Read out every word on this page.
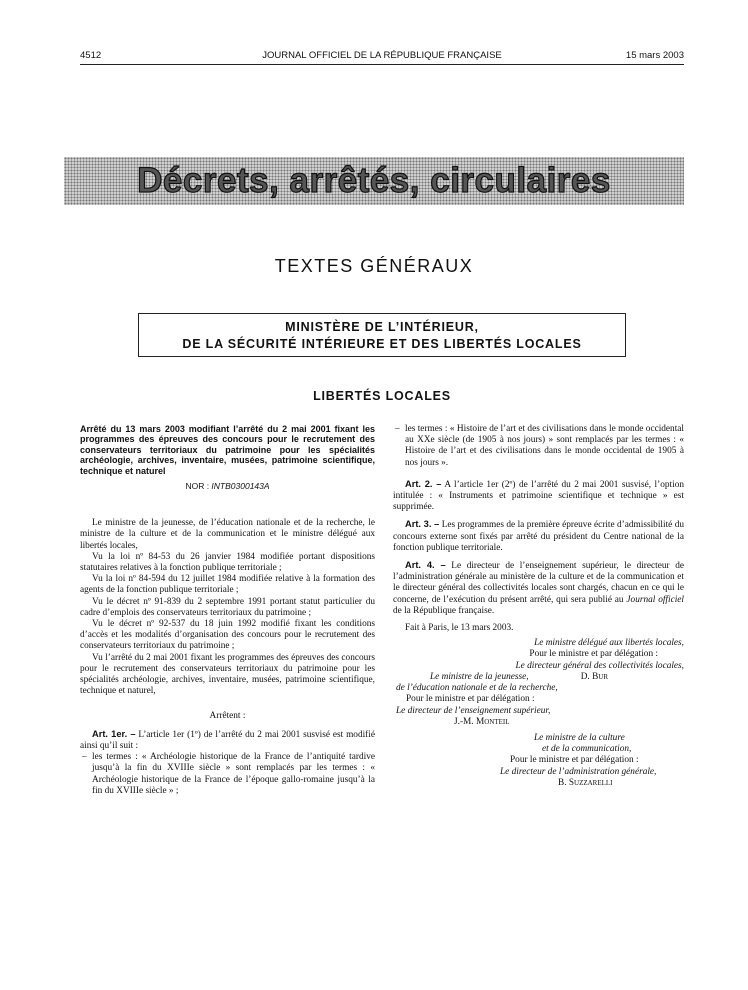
4512	JOURNAL OFFICIEL DE LA RÉPUBLIQUE FRANÇAISE	15 mars 2003
Décrets, arrêtés, circulaires
TEXTES GÉNÉRAUX
MINISTÈRE DE L’INTÉRIEUR,
DE LA SÉCURITÉ INTÉRIEURE ET DES LIBERTÉS LOCALES
LIBERTÉS LOCALES

Arrêté du 13 mars 2003 modifiant l’arrêté du 2 mai 2001 fixant les programmes des épreuves des concours pour le recrutement des conservateurs territoriaux du patrimoine pour les spécialités archéologie, archives, inventaire, musées, patrimoine scientifique, technique et naturel

NOR : INTB0300143A

Le ministre de la jeunesse, de l’éducation nationale et de la recherche, le ministre de la culture et de la communication et le ministre délégué aux libertés locales,

Vu la loi nº 84-53 du 26 janvier 1984 modifiée portant dispositions statutaires relatives à la fonction publique territoriale ;

Vu la loi nº 84-594 du 12 juillet 1984 modifiée relative à la formation des agents de la fonction publique territoriale ;

Vu le décret nº 91-839 du 2 septembre 1991 portant statut particulier du cadre d’emplois des conservateurs territoriaux du patrimoine ;

Vu le décret nº 92-537 du 18 juin 1992 modifié fixant les conditions d’accès et les modalités d’organisation des concours pour le recrutement des conservateurs territoriaux du patrimoine ;

Vu l’arrêté du 2 mai 2001 fixant les programmes des épreuves des concours pour le recrutement des conservateurs territoriaux du patrimoine pour les spécialités archéologie, archives, inventaire, musées, patrimoine scientifique, technique et naturel,

Arrêtent :

Art. 1er. – L’article 1er (1º) de l’arrêté du 2 mai 2001 susvisé est modifié ainsi qu’il suit :

– les termes : « Archéologie historique de la France de l’antiquité tardive jusqu’à la fin du XVIIIe siècle » sont remplacés par les termes : « Archéologie historique de la France de l’époque gallo-romaine jusqu’à la fin du XVIIIe siècle » ;

– les termes : « Histoire de l’art et des civilisations dans le monde occidental au XXe siècle (de 1905 à nos jours) » sont remplacés par les termes : « Histoire de l’art et des civilisations dans le monde occidental de 1905 à nos jours ».

Art. 2. – A l’article 1er (2º) de l’arrêté du 2 mai 2001 susvisé, l’option intitulée : « Instruments et patrimoine scientifique et technique » est supprimée.

Art. 3. – Les programmes de la première épreuve écrite d’admissibilité du concours externe sont fixés par arrêté du président du Centre national de la fonction publique territoriale.

Art. 4. – Le directeur de l’enseignement supérieur, le directeur de l’administration générale au ministère de la culture et de la communication et le directeur général des collectivités locales sont chargés, chacun en ce qui le concerne, de l’exécution du présent arrêté, qui sera publié au Journal officiel de la République française.

Fait à Paris, le 13 mars 2003.

Le ministre délégué aux libertés locales,

Pour le ministre et par délégation :

Le directeur général des collectivités locales,

D. Bur

Le ministre de la jeunesse,

de l’éducation nationale et de la recherche,

Pour le ministre et par délégation :

Le directeur de l’enseignement supérieur,

J.-M. Monteil

Le ministre de la culture

et de la communication,

Pour le ministre et par délégation :

Le directeur de l’administration générale,

B. Suzzarelli
